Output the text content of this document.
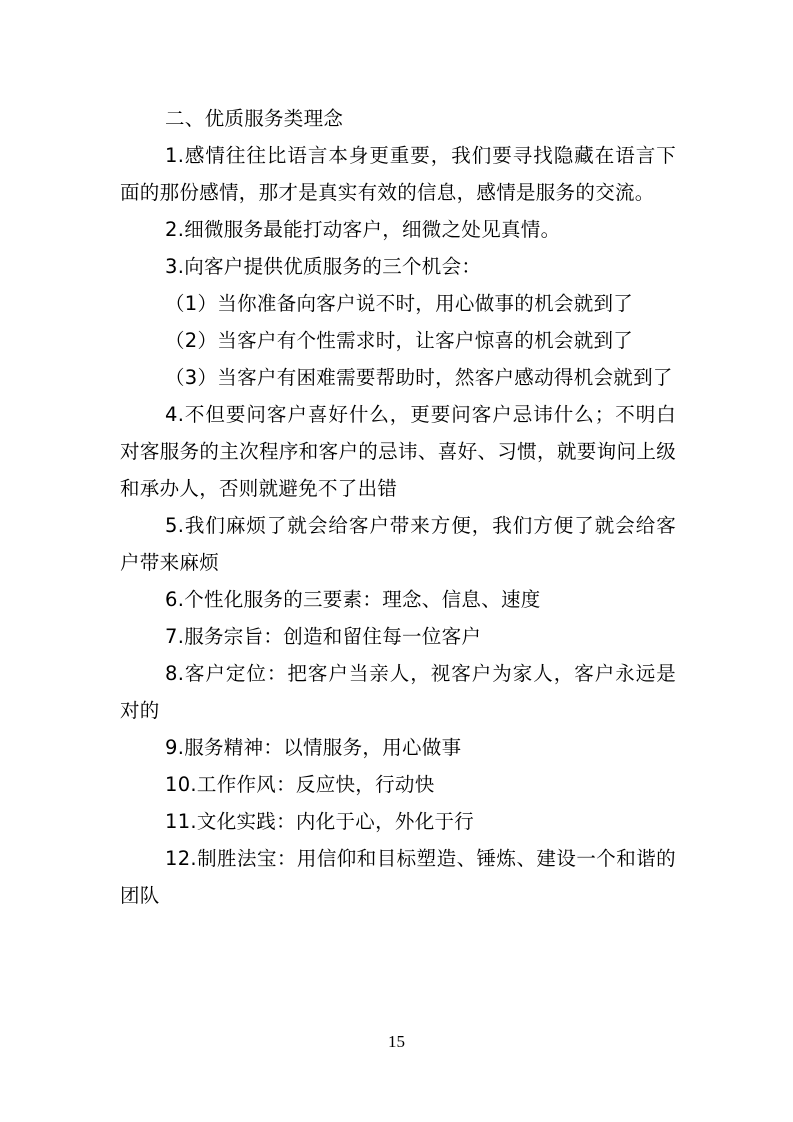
二、优质服务类理念

1.感情往往比语言本身更重要，我们要寻找隐藏在语言下面的那份感情，那才是真实有效的信息，感情是服务的交流。

2.细微服务最能打动客户，细微之处见真情。

3.向客户提供优质服务的三个机会：

（1）当你准备向客户说不时，用心做事的机会就到了

（2）当客户有个性需求时，让客户惊喜的机会就到了

（3）当客户有困难需要帮助时，然客户感动得机会就到了

4.不但要问客户喜好什么，更要问客户忌讳什么；不明白对客服务的主次程序和客户的忌讳、喜好、习惯，就要询问上级和承办人，否则就避免不了出错

5.我们麻烦了就会给客户带来方便，我们方便了就会给客户带来麻烦

6.个性化服务的三要素：理念、信息、速度

7.服务宗旨：创造和留住每一位客户

8.客户定位：把客户当亲人，视客户为家人，客户永远是对的

9.服务精神：以情服务，用心做事

10.工作作风：反应快，行动快

11.文化实践：内化于心，外化于行

12.制胜法宝：用信仰和目标塑造、锤炼、建设一个和谐的团队

15
